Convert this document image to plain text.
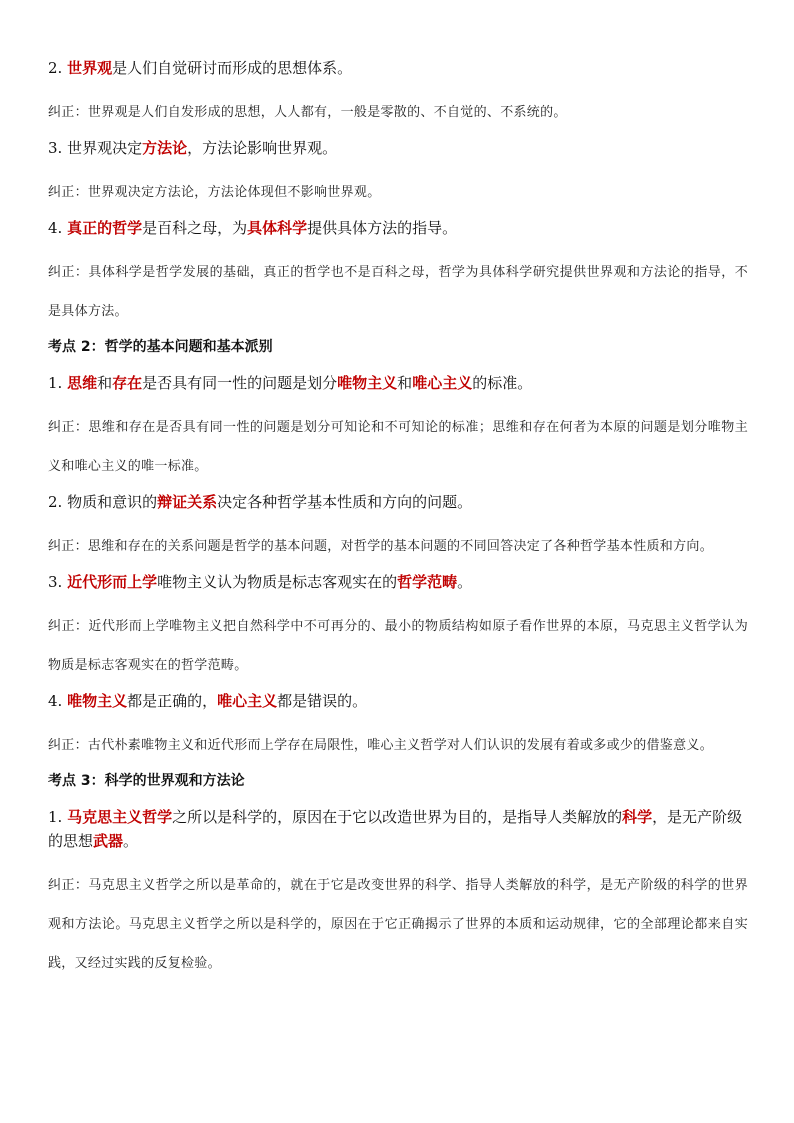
2. 世界观是人们自觉研讨而形成的思想体系。

纠正：世界观是人们自发形成的思想，人人都有，一般是零散的、不自觉的、不系统的。

3. 世界观决定方法论，方法论影响世界观。

纠正：世界观决定方法论，方法论体现但不影响世界观。

4. 真正的哲学是百科之母，为具体科学提供具体方法的指导。

纠正：具体科学是哲学发展的基础，真正的哲学也不是百科之母，哲学为具体科学研究提供世界观和方法论的指导，不是具体方法。

考点 2：哲学的基本问题和基本派别

1. 思维和存在是否具有同一性的问题是划分唯物主义和唯心主义的标准。

纠正：思维和存在是否具有同一性的问题是划分可知论和不可知论的标准；思维和存在何者为本原的问题是划分唯物主义和唯心主义的唯一标准。

2. 物质和意识的辩证关系决定各种哲学基本性质和方向的问题。

纠正：思维和存在的关系问题是哲学的基本问题，对哲学的基本问题的不同回答决定了各种哲学基本性质和方向。

3. 近代形而上学唯物主义认为物质是标志客观实在的哲学范畴。

纠正：近代形而上学唯物主义把自然科学中不可再分的、最小的物质结构如原子看作世界的本原，马克思主义哲学认为物质是标志客观实在的哲学范畴。

4. 唯物主义都是正确的，唯心主义都是错误的。

纠正：古代朴素唯物主义和近代形而上学存在局限性，唯心主义哲学对人们认识的发展有着或多或少的借鉴意义。

考点 3：科学的世界观和方法论

1. 马克思主义哲学之所以是科学的，原因在于它以改造世界为目的，是指导人类解放的科学，是无产阶级的思想武器。

纠正：马克思主义哲学之所以是革命的，就在于它是改变世界的科学、指导人类解放的科学，是无产阶级的科学的世界观和方法论。马克思主义哲学之所以是科学的，原因在于它正确揭示了世界的本质和运动规律，它的全部理论都来自实践，又经过实践的反复检验。
